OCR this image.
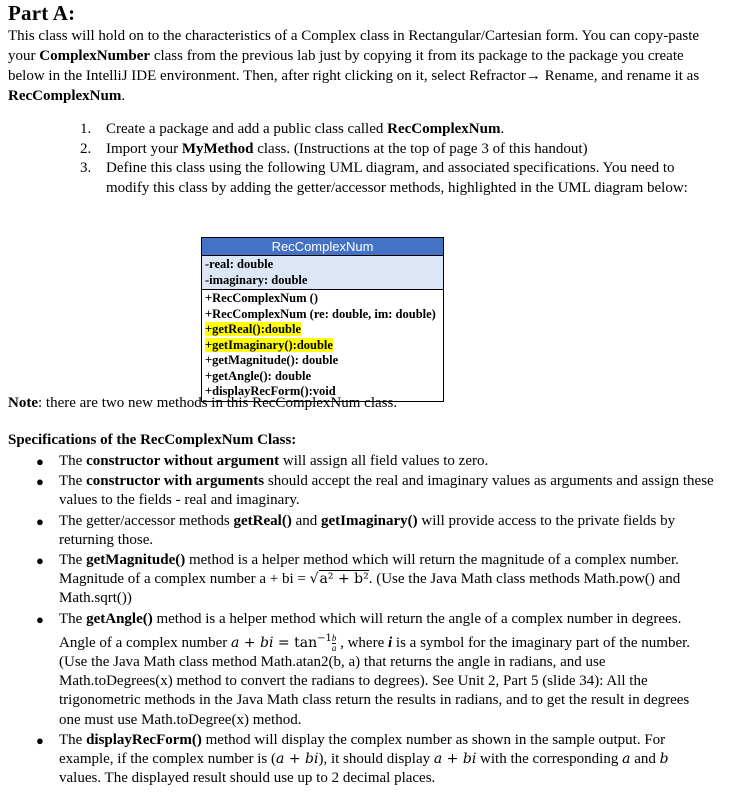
Part A:

This class will hold on to the characteristics of a Complex class in Rectangular/Cartesian form. You can copy-paste your ComplexNumber class from the previous lab just by copying it from its package to the package you create below in the IntelliJ IDE environment. Then, after right clicking on it, select Refractor→ Rename, and rename it as RecComplexNum.

1. Create a package and add a public class called RecComplexNum.
2. Import your MyMethod class. (Instructions at the top of page 3 of this handout)
3. Define this class using the following UML diagram, and associated specifications. You need to modify this class by adding the getter/accessor methods, highlighted in the UML diagram below:
RecComplexNum
-real: double
-imaginary: double
+RecComplexNum ()
+RecComplexNum (re: double, im: double)
+getReal():double
+getImaginary():double
+getMagnitude(): double
+getAngle(): double
+displayRecForm():void

Note: there are two new methods in this RecComplexNum class.

Specifications of the RecComplexNum Class:

● The constructor without argument will assign all field values to zero.
● The constructor with arguments should accept the real and imaginary values as arguments and assign these values to the fields - real and imaginary.
● The getter/accessor methods getReal() and getImaginary() will provide access to the private fields by returning those.
● The getMagnitude() method is a helper method which will return the magnitude of a complex number. Magnitude of a complex number a + bi = √a² + b². (Use the Java Math class methods Math.pow() and Math.sqrt())
● The getAngle() method is a helper method which will return the angle of a complex number in degrees. Angle of a complex number a + bi = $\tan^{-1} \frac{b}{a}$ , where i is a symbol for the imaginary part of the number. (Use the Java Math class method Math.atan2(b, a) that returns the angle in radians, and use Math.toDegrees(x) method to convert the radians to degrees). See Unit 2, Part 5 (slide 34): All the trigonometric methods in the Java Math class return the results in radians, and to get the result in degrees one must use Math.toDegree(x) method.
● The displayRecForm() method will display the complex number as shown in the sample output. For example, if the complex number is (a + bi), it should display a + bi with the corresponding a and b values. The displayed result should use up to 2 decimal places.
